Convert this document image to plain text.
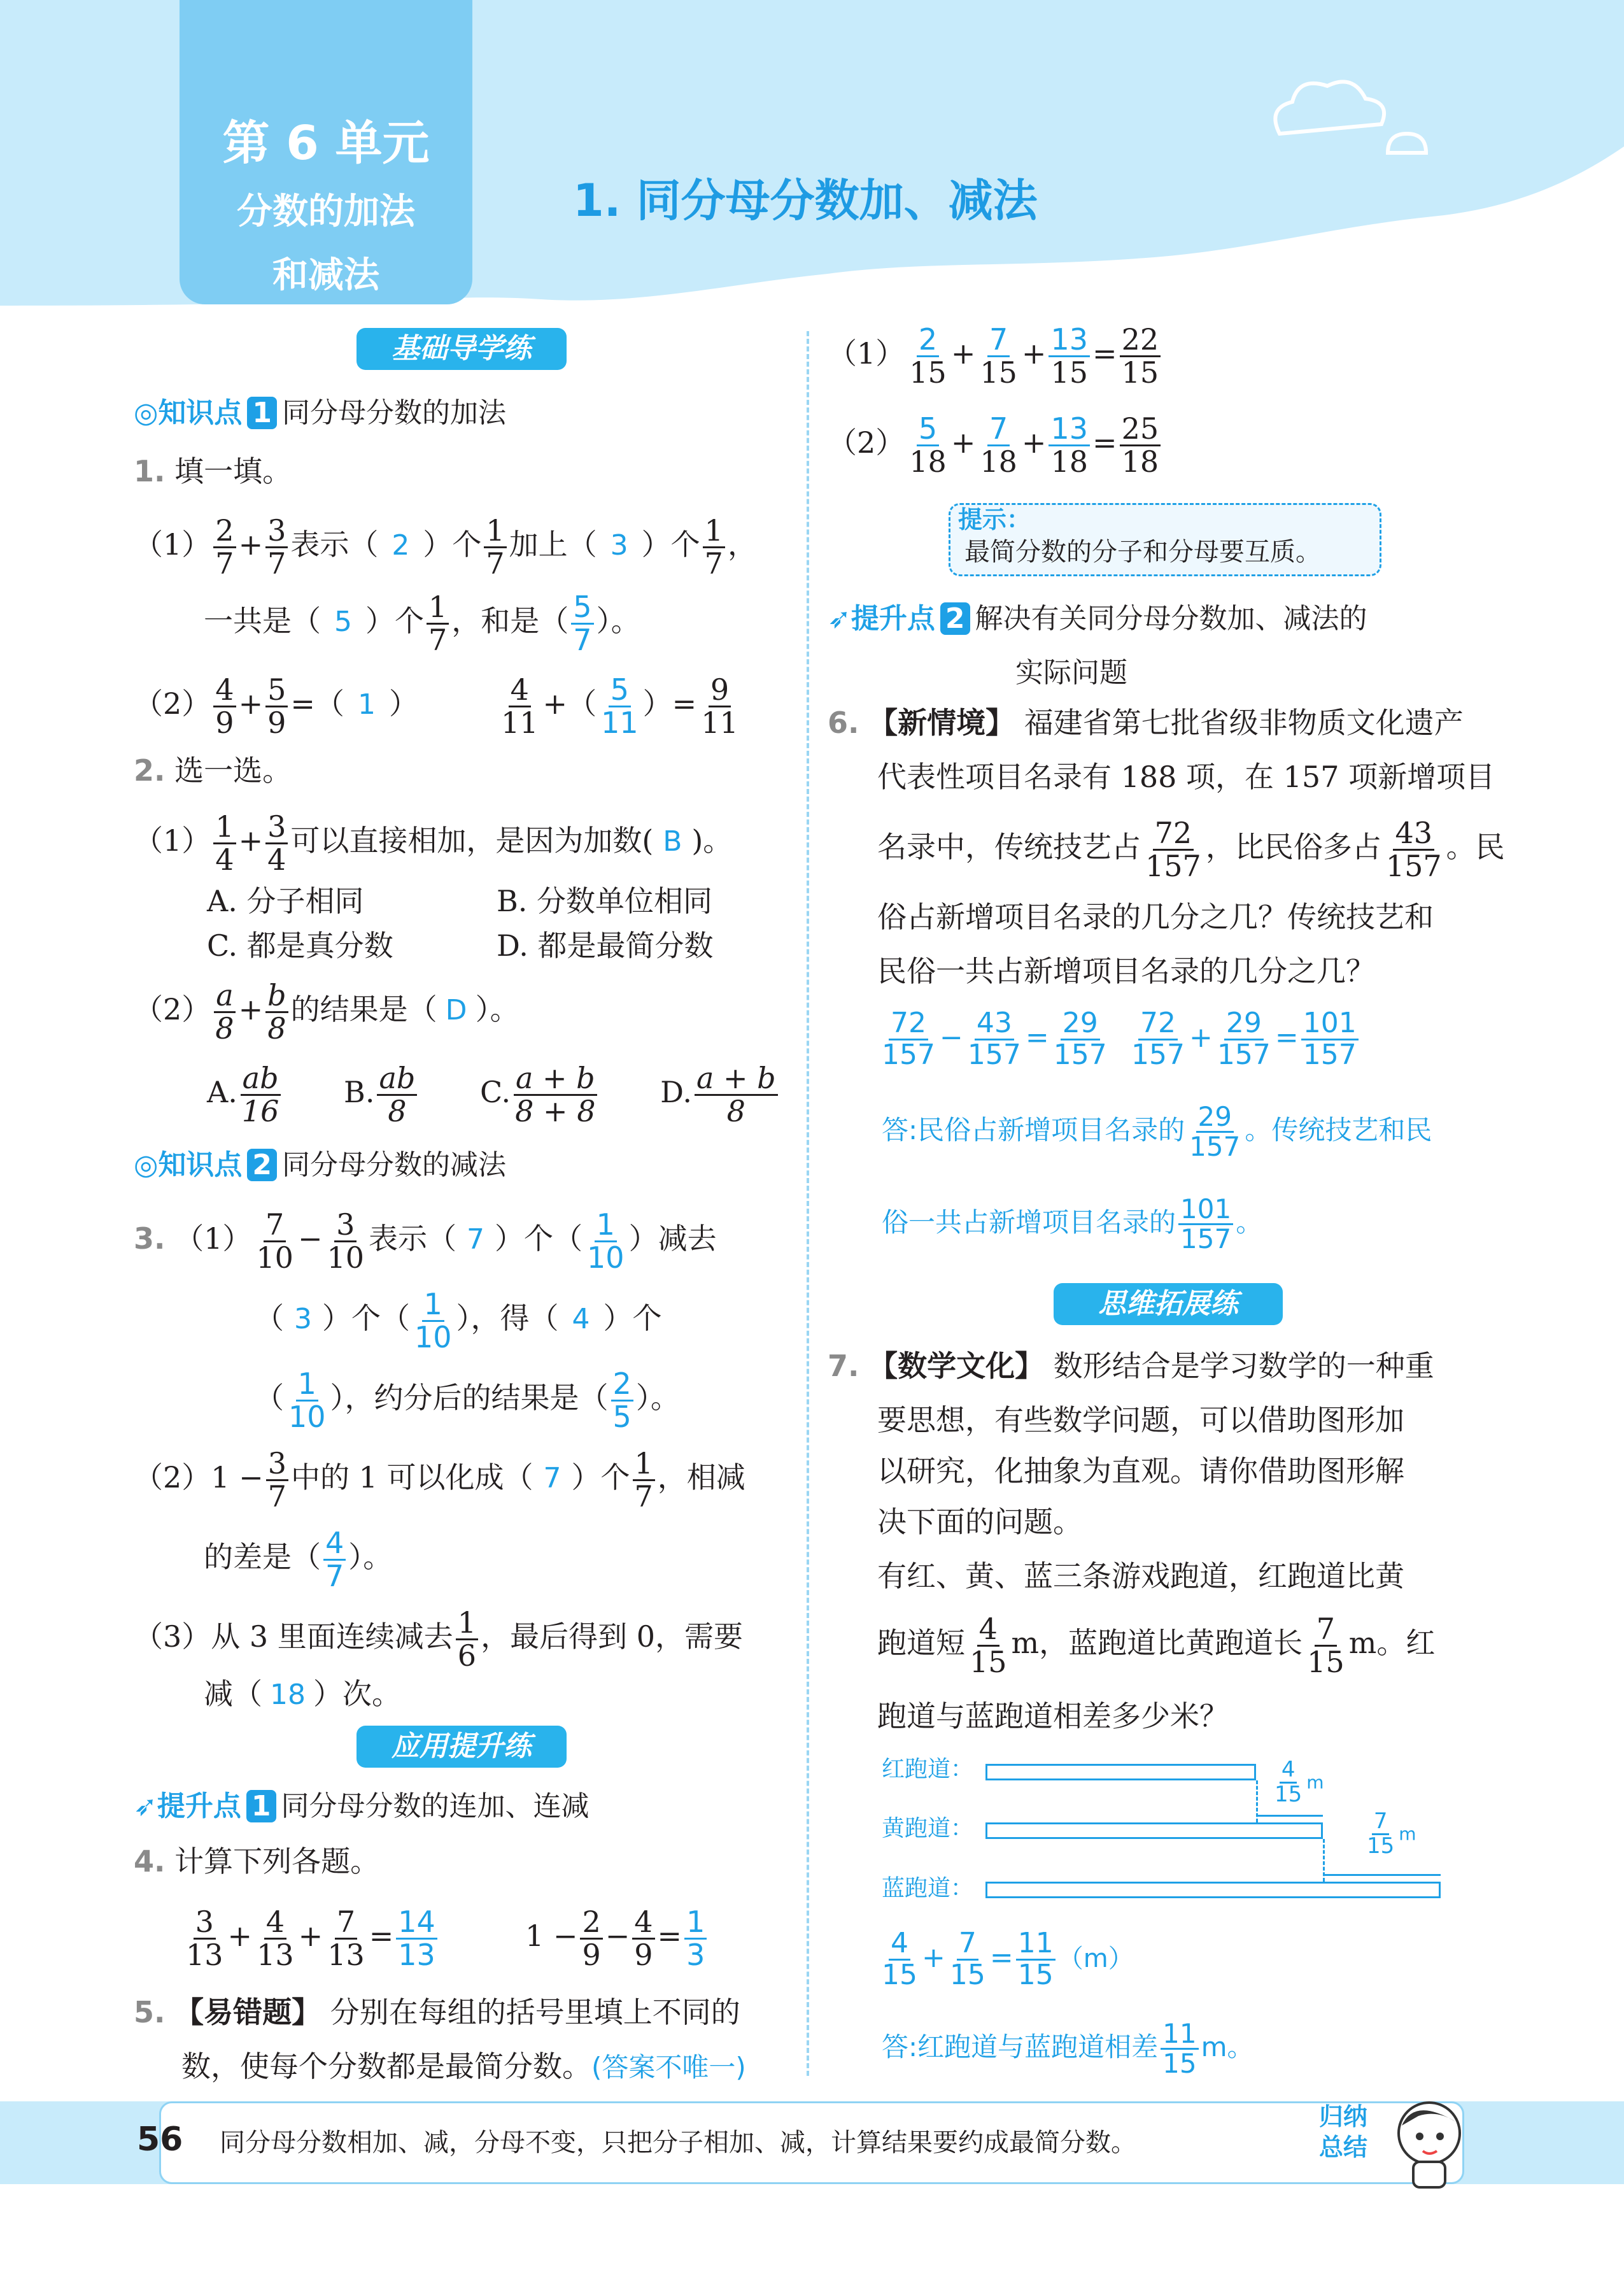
第 6 单元
分数的加法
和减法
1. 同分母分数加、减法
基础导学练
◎知识点 1 同分母分数的加法
1. 填一填。
$(1) \frac{2}{7} + \frac{3}{7}$ 表示（ 2 ）个 $\frac{1}{7}$ 加上（ 3 ）个 $\frac{1}{7}$ ，
一共是（ 5 ）个 $\frac{1}{7}$ ，和是（ $\frac{5}{7}$ ）。
$(2) \frac{4}{9} + \frac{5}{9}$ =（ 1 ）	$\frac{4}{11}$ +（ $\frac{5}{11}$ ）= $\frac{9}{11}$
2. 选一选。
$(1) \frac{1}{4} + \frac{3}{4}$ 可以直接相加，是因为加数( B )。
A. 分子相同	B. 分数单位相同
C. 都是真分数	D. 都是最简分数
$(2) \frac{a}{8} + \frac{b}{8}$ 的结果是（ D ）。
A. $\frac{ab}{16} B$. $\frac{ab}{8} C$. $\frac{a + b}{8 + 8} D$. $\frac{a + b}{8}$
◎知识点 2 同分母分数的减法
3. $(1) \frac{7}{10} - \frac{3}{10}$ 表示（ 7 ）个（ $\frac{1}{10}$ ）减去
（ 3 ）个（ $\frac{1}{10}$ ），得（ 4 ）个
（ $\frac{1}{10}$ ），约分后的结果是（ $\frac{2}{5}$ ）。
$(2)1 - \frac{3}{7}$ 中的 1 可以化成（ 7 ）个 $\frac{1}{7}$ ，相减
的差是（ $\frac{4}{7}$ ）。
（3）从 3 里面连续减去 $\frac{1}{6}$ ，最后得到 0，需要
减（ 18 ）次。
应用提升练
➶提升点 1 同分母分数的连加、连减
4. 计算下列各题。
$\frac{3}{13} + \frac{4}{13} + \frac{7}{13} = \frac{14}{13}$	$1 - \frac{2}{9} - \frac{4}{9} = \frac{1}{3}$
5. 【易错题】 分别在每组的括号里填上不同的
数，使每个分数都是最简分数。(答案不唯一)
$(1) \frac{2}{15} + \frac{7}{15} + \frac{13}{15} = \frac{22}{15}$
$(2) \frac{5}{18} + \frac{7}{18} + \frac{13}{18} = \frac{25}{18}$
提示：
最简分数的分子和分母要互质。
➶提升点 2 解决有关同分母分数加、减法的
实际问题
6. 【新情境】 福建省第七批省级非物质文化遗产
代表性项目名录有 188 项，在 157 项新增项目
名录中，传统技艺占 $\frac{72}{157}$ ，比民俗多占 $\frac{43}{157}$ 。民
俗占新增项目名录的几分之几？传统技艺和
民俗一共占新增项目名录的几分之几？
$\frac{72}{157} - \frac{43}{157} = \frac{29}{157} \frac{72}{157} + \frac{29}{157} = \frac{101}{157}$
答:民俗占新增项目名录的 $\frac{29}{157}$ 。传统技艺和民
俗一共占新增项目名录的 $\frac{101}{157}$ 。
思维拓展练
7. 【数学文化】 数形结合是学习数学的一种重
要思想，有些数学问题，可以借助图形加
以研究，化抽象为直观。请你借助图形解
决下面的问题。
有红、黄、蓝三条游戏跑道，红跑道比黄
跑道短 $\frac{4}{15}$ m，蓝跑道比黄跑道长 $\frac{7}{15}$ m。红
跑道与蓝跑道相差多少米？
红跑道：
黄跑道：
蓝跑道：
$\frac{4}{15}$ m
$\frac{7}{15}$ m
$\frac{4}{15} + \frac{7}{15} = \frac{11}{15} (m)$
答:红跑道与蓝跑道相差 $\frac{11}{15}$ m。
56 同分母分数相加、减，分母不变，只把分子相加、减，计算结果要约成最简分数。
归纳
总结
